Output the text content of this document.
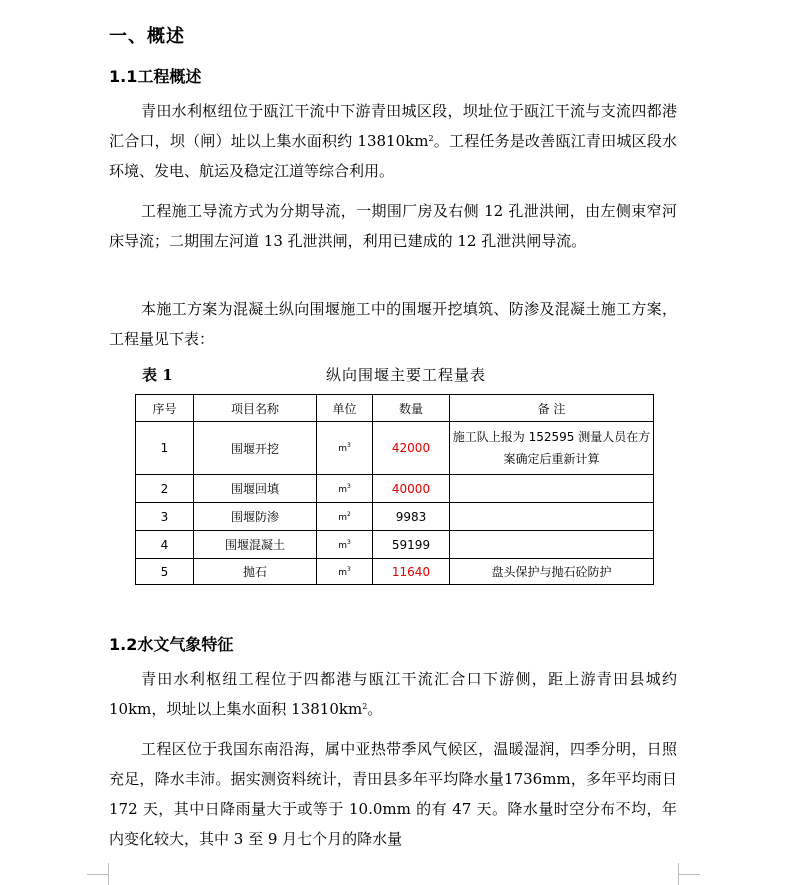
一、概述
1.1工程概述
青田水利枢纽位于瓯江干流中下游青田城区段，坝址位于瓯江干流与支流四都港汇合口，坝（闸）址以上集水面积约 $13810km^2$。工程任务是改善瓯江青田城区段水环境、发电、航运及稳定江道等综合利用。
工程施工导流方式为分期导流，一期围厂房及右侧 12 孔泄洪闸，由左侧束窄河床导流；二期围左河道 13 孔泄洪闸，利用已建成的 12 孔泄洪闸导流。
本施工方案为混凝土纵向围堰施工中的围堰开挖填筑、防渗及混凝土施工方案，工程量见下表：
表 1	纵向围堰主要工程量表
序号	项目名称	单位	数量	备 注
1	围堰开挖	$m^3$	42000	施工队上报为 152595 测量人员在方案确定后重新计算
2	围堰回填	$m^3$	40000	
3	围堰防渗	$m^2$	9983	
4	围堰混凝土	$m^3$	59199	
5	抛石	$m^3$	11640	盘头保护与抛石砼防护
1.2水文气象特征
青田水利枢纽工程位于四都港与瓯江干流汇合口下游侧，距上游青田县城约 10km，坝址以上集水面积 $13810km^2$。
工程区位于我国东南沿海，属中亚热带季风气候区，温暖湿润，四季分明，日照充足，降水丰沛。据实测资料统计，青田县多年平均降水量1736mm，多年平均雨日 172 天，其中日降雨量大于或等于 10.0mm 的有 47 天。降水量时空分布不均，年内变化较大，其中 3 至 9 月七个月的降水量
